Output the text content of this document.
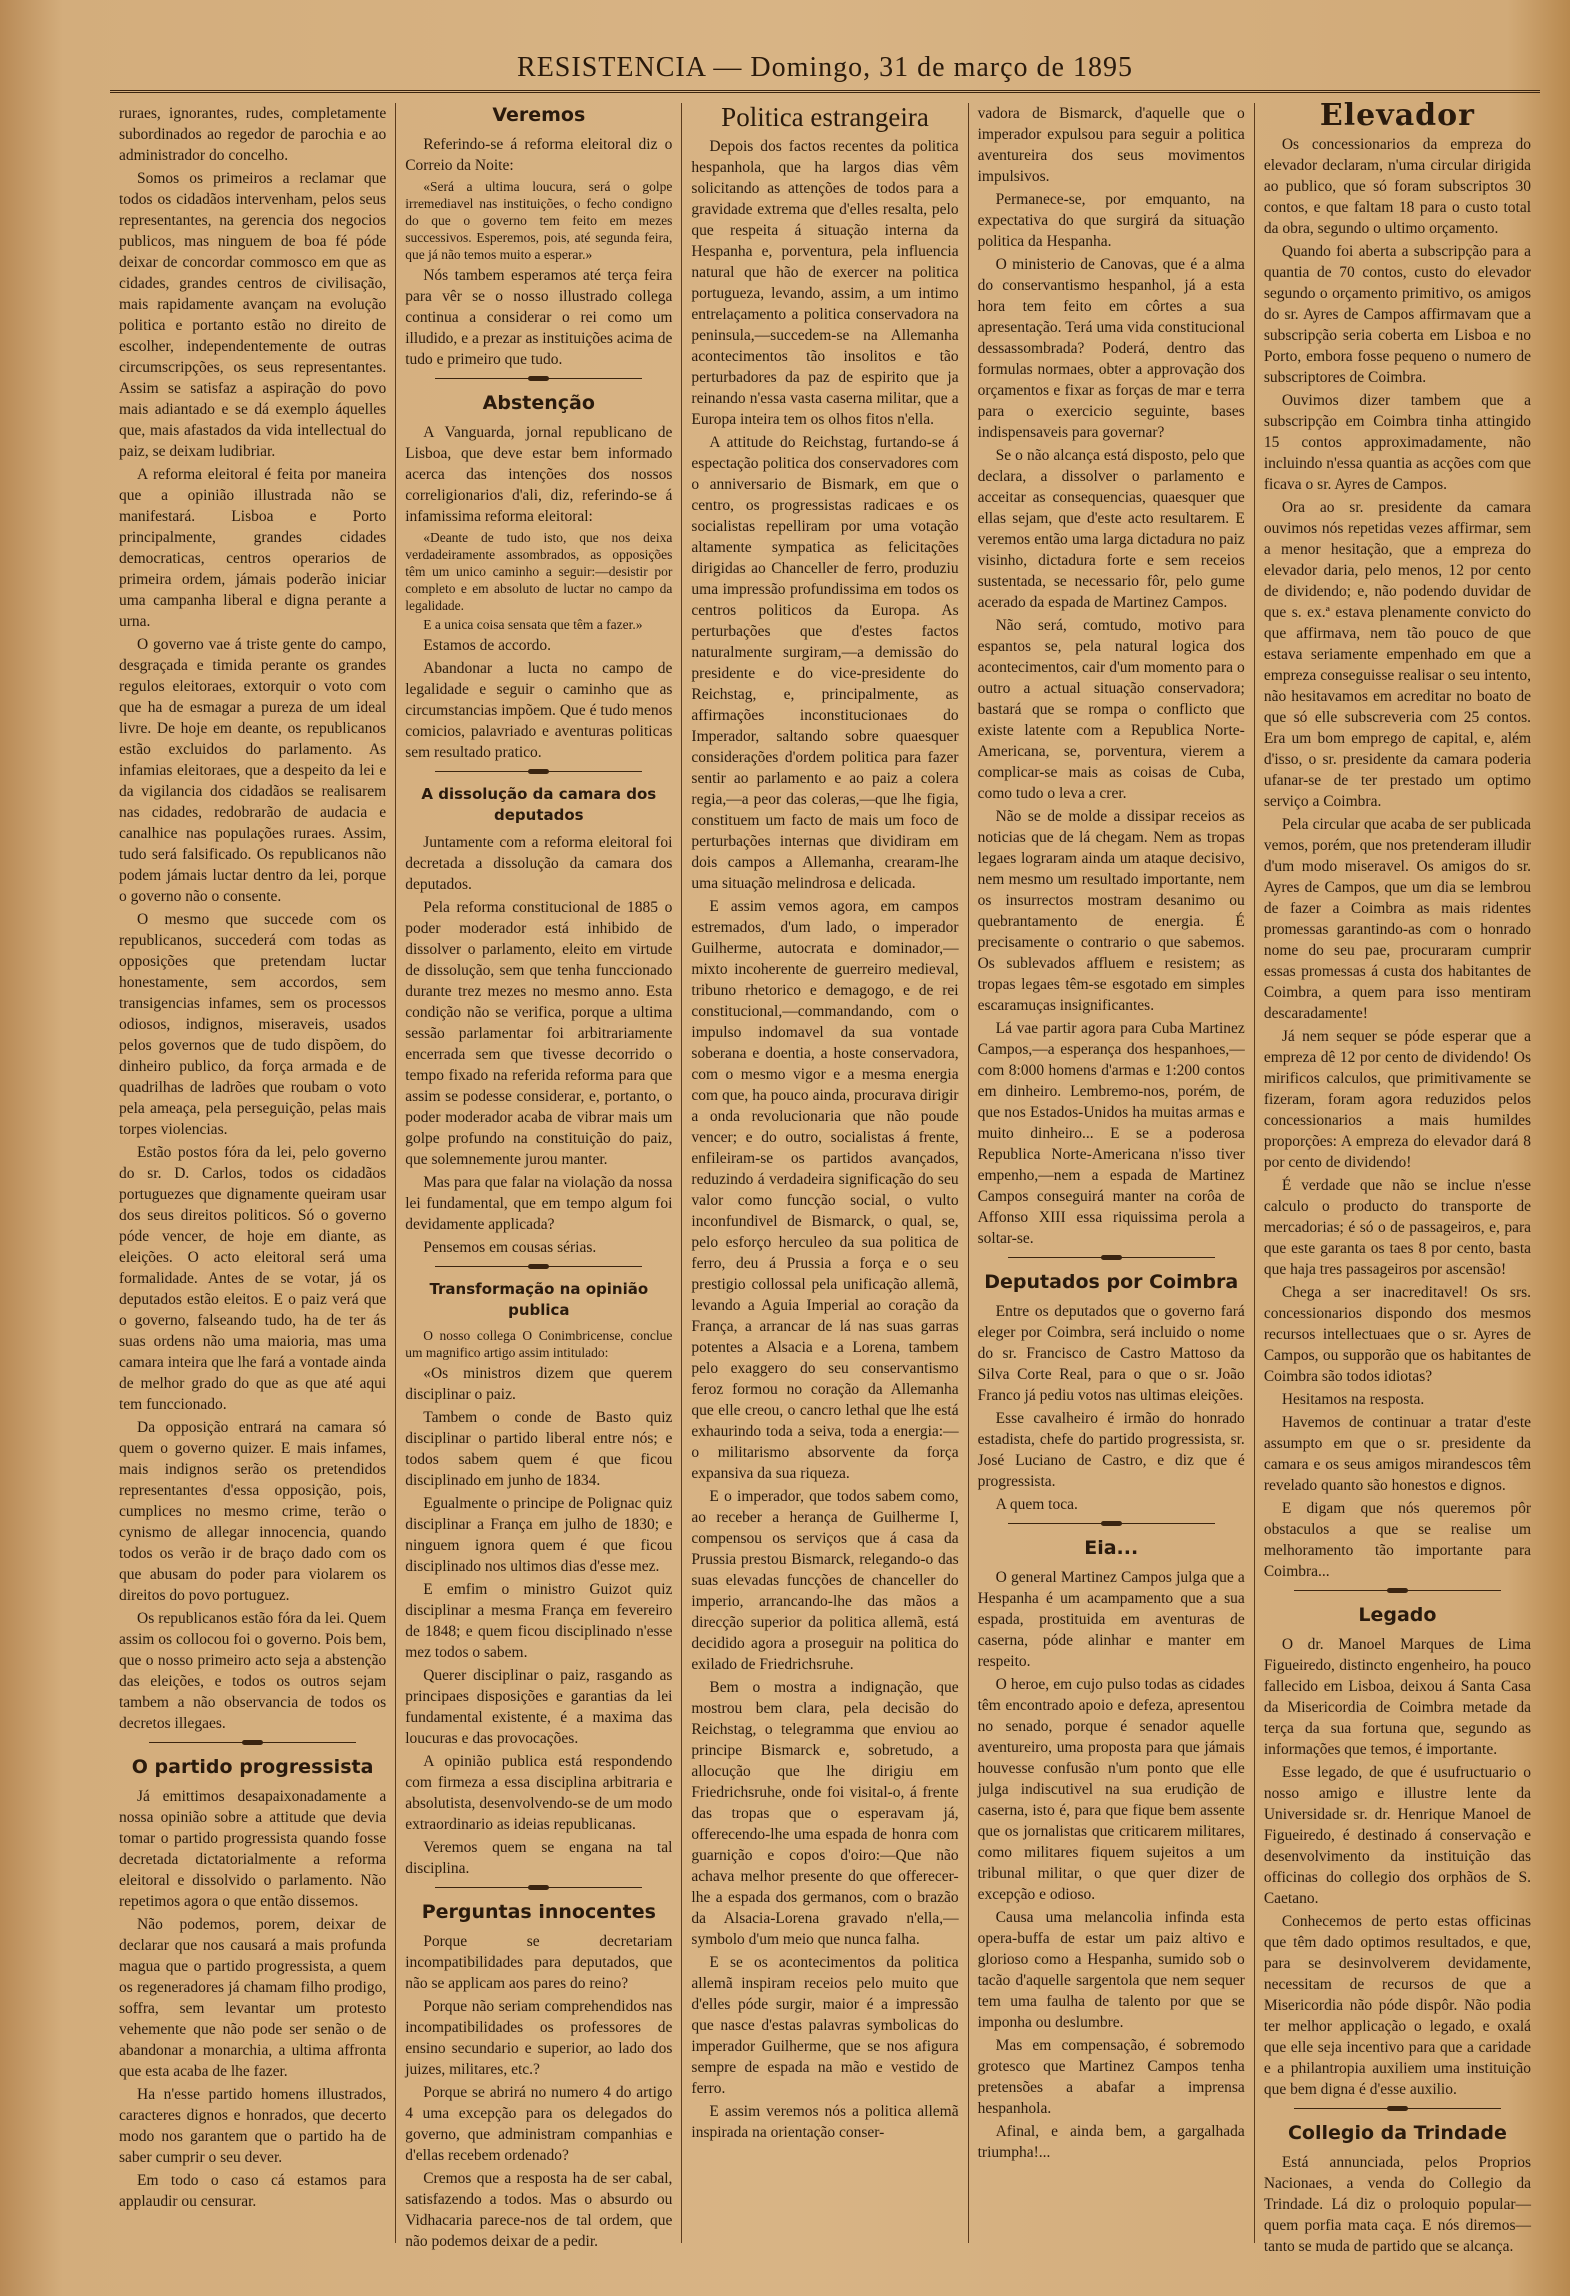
RESISTENCIA — Domingo, 31 de março de 1895

ruraes, ignorantes, rudes, completamente subordinados ao regedor de parochia e ao administrador do concelho.

Somos os primeiros a reclamar que todos os cidadãos intervenham, pelos seus representantes, na gerencia dos negocios publicos, mas ninguem de boa fé póde deixar de concordar commosco em que as cidades, grandes centros de civilisação, mais rapidamente avançam na evolução politica e portanto estão no direito de escolher, independentemente de outras circumscripções, os seus representantes. Assim se satisfaz a aspiração do povo mais adiantado e se dá exemplo áquelles que, mais afastados da vida intellectual do paiz, se deixam ludibriar.

A reforma eleitoral é feita por maneira que a opinião illustrada não se manifestará. Lisboa e Porto principalmente, grandes cidades democraticas, centros operarios de primeira ordem, jámais poderão iniciar uma campanha liberal e digna perante a urna.

O governo vae á triste gente do campo, desgraçada e timida perante os grandes regulos eleitoraes, extorquir o voto com que ha de esmagar a pureza de um ideal livre. De hoje em deante, os republicanos estão excluidos do parlamento. As infamias eleitoraes, que a despeito da lei e da vigilancia dos cidadãos se realisarem nas cidades, redobrarão de audacia e canalhice nas populações ruraes. Assim, tudo será falsificado. Os republicanos não podem jámais luctar dentro da lei, porque o governo não o consente.

O mesmo que succede com os republicanos, succederá com todas as opposições que pretendam luctar honestamente, sem accordos, sem transigencias infames, sem os processos odiosos, indignos, miseraveis, usados pelos governos que de tudo dispõem, do dinheiro publico, da força armada e de quadrilhas de ladrões que roubam o voto pela ameaça, pela perseguição, pelas mais torpes violencias.

Estão postos fóra da lei, pelo governo do sr. D. Carlos, todos os cidadãos portuguezes que dignamente queiram usar dos seus direitos politicos. Só o governo póde vencer, de hoje em diante, as eleições. O acto eleitoral será uma formalidade. Antes de se votar, já os deputados estão eleitos. E o paiz verá que o governo, falseando tudo, ha de ter ás suas ordens não uma maioria, mas uma camara inteira que lhe fará a vontade ainda de melhor grado do que as que até aqui tem funccionado.

Da opposição entrará na camara só quem o governo quizer. E mais infames, mais indignos serão os pretendidos representantes d'essa opposição, pois, cumplices no mesmo crime, terão o cynismo de allegar innocencia, quando todos os verão ir de braço dado com os que abusam do poder para violarem os direitos do povo portuguez.

Os republicanos estão fóra da lei. Quem assim os collocou foi o governo. Pois bem, que o nosso primeiro acto seja a abstenção das eleições, e todos os outros sejam tambem a não observancia de todos os decretos illegaes.

O partido progressista

Já emittimos desapaixonadamente a nossa opinião sobre a attitude que devia tomar o partido progressista quando fosse decretada dictatorialmente a reforma eleitoral e dissolvido o parlamento. Não repetimos agora o que então dissemos.

Não podemos, porem, deixar de declarar que nos causará a mais profunda magua que o partido progressista, a quem os regeneradores já chamam filho prodigo, soffra, sem levantar um protesto vehemente que não pode ser senão o de abandonar a monarchia, a ultima affronta que esta acaba de lhe fazer.

Ha n'esse partido homens illustrados, caracteres dignos e honrados, que decerto modo nos garantem que o partido ha de saber cumprir o seu dever.

Em todo o caso cá estamos para applaudir ou censurar.

Veremos

Referindo-se á reforma eleitoral diz o Correio da Noite:

«Será a ultima loucura, será o golpe irremediavel nas instituições, o fecho condigno do que o governo tem feito em mezes successivos. Esperemos, pois, até segunda feira, que já não temos muito a esperar.»

Nós tambem esperamos até terça feira para vêr se o nosso illustrado collega continua a considerar o rei como um illudido, e a prezar as instituições acima de tudo e primeiro que tudo.

Abstenção

A Vanguarda, jornal republicano de Lisboa, que deve estar bem informado acerca das intenções dos nossos correligionarios d'ali, diz, referindo-se á infamissima reforma eleitoral:

«Deante de tudo isto, que nos deixa verdadeiramente assombrados, as opposições têm um unico caminho a seguir:—desistir por completo e em absoluto de luctar no campo da legalidade.

E a unica coisa sensata que têm a fazer.»

Estamos de accordo.

Abandonar a lucta no campo de legalidade e seguir o caminho que as circumstancias impõem. Que é tudo menos comicios, palavriado e aventuras politicas sem resultado pratico.

A dissolução da camara dos deputados

Juntamente com a reforma eleitoral foi decretada a dissolução da camara dos deputados.

Pela reforma constitucional de 1885 o poder moderador está inhibido de dissolver o parlamento, eleito em virtude de dissolução, sem que tenha funccionado durante trez mezes no mesmo anno. Esta condição não se verifica, porque a ultima sessão parlamentar foi arbitrariamente encerrada sem que tivesse decorrido o tempo fixado na referida reforma para que assim se podesse considerar, e, portanto, o poder moderador acaba de vibrar mais um golpe profundo na constituição do paiz, que solemnemente jurou manter.

Mas para que falar na violação da nossa lei fundamental, que em tempo algum foi devidamente applicada?

Pensemos em cousas sérias.

Transformação na opinião publica

O nosso collega O Conimbricense, conclue um magnifico artigo assim intitulado:

«Os ministros dizem que querem disciplinar o paiz.

Tambem o conde de Basto quiz disciplinar o partido liberal entre nós; e todos sabem quem é que ficou disciplinado em junho de 1834.

Egualmente o principe de Polignac quiz disciplinar a França em julho de 1830; e ninguem ignora quem é que ficou disciplinado nos ultimos dias d'esse mez.

E emfim o ministro Guizot quiz disciplinar a mesma França em fevereiro de 1848; e quem ficou disciplinado n'esse mez todos o sabem.

Querer disciplinar o paiz, rasgando as principaes disposições e garantias da lei fundamental existente, é a maxima das loucuras e das provocações.

A opinião publica está respondendo com firmeza a essa disciplina arbitraria e absolutista, desenvolvendo-se de um modo extraordinario as ideias republicanas.

Veremos quem se engana na tal disciplina.

Perguntas innocentes

Porque se decretariam incompatibilidades para deputados, que não se applicam aos pares do reino?

Porque não seriam comprehendidos nas incompatibilidades os professores de ensino secundario e superior, ao lado dos juizes, militares, etc.?

Porque se abrirá no numero 4 do artigo 4 uma excepção para os delegados do governo, que administram companhias e d'ellas recebem ordenado?

Cremos que a resposta ha de ser cabal, satisfazendo a todos. Mas o absurdo ou Vidhacaria parece-nos de tal ordem, que não podemos deixar de a pedir.

Politica estrangeira

Depois dos factos recentes da politica hespanhola, que ha largos dias vêm solicitando as attenções de todos para a gravidade extrema que d'elles resalta, pelo que respeita á situação interna da Hespanha e, porventura, pela influencia natural que hão de exercer na politica portugueza, levando, assim, a um intimo entrelaçamento a politica conservadora na peninsula,—succedem-se na Allemanha acontecimentos tão insolitos e tão perturbadores da paz de espirito que ja reinando n'essa vasta caserna militar, que a Europa inteira tem os olhos fitos n'ella.

A attitude do Reichstag, furtando-se á espectação politica dos conservadores com o anniversario de Bismark, em que o centro, os progressistas radicaes e os socialistas repelliram por uma votação altamente sympatica as felicitações dirigidas ao Chanceller de ferro, produziu uma impressão profundissima em todos os centros politicos da Europa. As perturbações que d'estes factos naturalmente surgiram,—a demissão do presidente e do vice-presidente do Reichstag, e, principalmente, as affirmações inconstitucionaes do Imperador, saltando sobre quaesquer considerações d'ordem politica para fazer sentir ao parlamento e ao paiz a colera regia,—a peor das coleras,—que lhe figia, constituem um facto de mais um foco de perturbações internas que dividiram em dois campos a Allemanha, crearam-lhe uma situação melindrosa e delicada.

E assim vemos agora, em campos estremados, d'um lado, o imperador Guilherme, autocrata e dominador,—mixto incoherente de guerreiro medieval, tribuno rhetorico e demagogo, e de rei constitucional,—commandando, com o impulso indomavel da sua vontade soberana e doentia, a hoste conservadora, com o mesmo vigor e a mesma energia com que, ha pouco ainda, procurava dirigir a onda revolucionaria que não poude vencer; e do outro, socialistas á frente, enfileiram-se os partidos avançados, reduzindo á verdadeira significação do seu valor como funcção social, o vulto inconfundivel de Bismarck, o qual, se, pelo esforço herculeo da sua politica de ferro, deu á Prussia a força e o seu prestigio collossal pela unificação allemã, levando a Aguia Imperial ao coração da França, a arrancar de lá nas suas garras potentes a Alsacia e a Lorena, tambem pelo exaggero do seu conservantismo feroz formou no coração da Allemanha que elle creou, o cancro lethal que lhe está exhaurindo toda a seiva, toda a energia:—o militarismo absorvente da força expansiva da sua riqueza.

E o imperador, que todos sabem como, ao receber a herança de Guilherme I, compensou os serviços que á casa da Prussia prestou Bismarck, relegando-o das suas elevadas funcções de chanceller do imperio, arrancando-lhe das mãos a direcção superior da politica allemã, está decidido agora a proseguir na politica do exilado de Friedrichsruhe.

Bem o mostra a indignação, que mostrou bem clara, pela decisão do Reichstag, o telegramma que enviou ao principe Bismarck e, sobretudo, a allocução que lhe dirigiu em Friedrichsruhe, onde foi visital-o, á frente das tropas que o esperavam já, offerecendo-lhe uma espada de honra com guarnição e copos d'oiro:—Que não achava melhor presente do que offerecer-lhe a espada dos germanos, com o brazão da Alsacia-Lorena gravado n'ella,—symbolo d'um meio que nunca falha.

E se os acontecimentos da politica allemã inspiram receios pelo muito que d'elles póde surgir, maior é a impressão que nasce d'estas palavras symbolicas do imperador Guilherme, que se nos afigura sempre de espada na mão e vestido de ferro.

E assim veremos nós a politica allemã inspirada na orientação conser-

vadora de Bismarck, d'aquelle que o imperador expulsou para seguir a politica aventureira dos seus movimentos impulsivos.

Permanece-se, por emquanto, na expectativa do que surgirá da situação politica da Hespanha.

O ministerio de Canovas, que é a alma do conservantismo hespanhol, já a esta hora tem feito em côrtes a sua apresentação. Terá uma vida constitucional dessassombrada? Poderá, dentro das formulas normaes, obter a approvação dos orçamentos e fixar as forças de mar e terra para o exercicio seguinte, bases indispensaveis para governar?

Se o não alcança está disposto, pelo que declara, a dissolver o parlamento e acceitar as consequencias, quaesquer que ellas sejam, que d'este acto resultarem. E veremos então uma larga dictadura no paiz visinho, dictadura forte e sem receios sustentada, se necessario fôr, pelo gume acerado da espada de Martinez Campos.

Não será, comtudo, motivo para espantos se, pela natural logica dos acontecimentos, cair d'um momento para o outro a actual situação conservadora; bastará que se rompa o conflicto que existe latente com a Republica Norte-Americana, se, porventura, vierem a complicar-se mais as coisas de Cuba, como tudo o leva a crer.

Não se de molde a dissipar receios as noticias que de lá chegam. Nem as tropas legaes lograram ainda um ataque decisivo, nem mesmo um resultado importante, nem os insurrectos mostram desanimo ou quebrantamento de energia. É precisamente o contrario o que sabemos. Os sublevados affluem e resistem; as tropas legaes têm-se esgotado em simples escaramuças insignificantes.

Lá vae partir agora para Cuba Martinez Campos,—a esperança dos hespanhoes,—com 8:000 homens d'armas e 1:200 contos em dinheiro. Lembremo-nos, porém, de que nos Estados-Unidos ha muitas armas e muito dinheiro... E se a poderosa Republica Norte-Americana n'isso tiver empenho,—nem a espada de Martinez Campos conseguirá manter na corôa de Affonso XIII essa riquissima perola a soltar-se.

Deputados por Coimbra

Entre os deputados que o governo fará eleger por Coimbra, será incluido o nome do sr. Francisco de Castro Mattoso da Silva Corte Real, para o que o sr. João Franco já pediu votos nas ultimas eleições.

Esse cavalheiro é irmão do honrado estadista, chefe do partido progressista, sr. José Luciano de Castro, e diz que é progressista.

A quem toca.

Eia...

O general Martinez Campos julga que a Hespanha é um acampamento que a sua espada, prostituida em aventuras de caserna, póde alinhar e manter em respeito.

O heroe, em cujo pulso todas as cidades têm encontrado apoio e defeza, apresentou no senado, porque é senador aquelle aventureiro, uma proposta para que jámais houvesse confusão n'um ponto que elle julga indiscutivel na sua erudição de caserna, isto é, para que fique bem assente que os jornalistas que criticarem militares, como militares fiquem sujeitos a um tribunal militar, o que quer dizer de excepção e odioso.

Causa uma melancolia infinda esta opera-buffa de estar um paiz altivo e glorioso como a Hespanha, sumido sob o tacão d'aquelle sargentola que nem sequer tem uma faulha de talento por que se imponha ou deslumbre.

Mas em compensação, é sobremodo grotesco que Martinez Campos tenha pretensões a abafar a imprensa hespanhola.

Afinal, e ainda bem, a gargalhada triumpha!...

Elevador

Os concessionarios da empreza do elevador declaram, n'uma circular dirigida ao publico, que só foram subscriptos 30 contos, e que faltam 18 para o custo total da obra, segundo o ultimo orçamento.

Quando foi aberta a subscripção para a quantia de 70 contos, custo do elevador segundo o orçamento primitivo, os amigos do sr. Ayres de Campos affirmavam que a subscripção seria coberta em Lisboa e no Porto, embora fosse pequeno o numero de subscriptores de Coimbra.

Ouvimos dizer tambem que a subscripção em Coimbra tinha attingido 15 contos approximadamente, não incluindo n'essa quantia as acções com que ficava o sr. Ayres de Campos.

Ora ao sr. presidente da camara ouvimos nós repetidas vezes affirmar, sem a menor hesitação, que a empreza do elevador daria, pelo menos, 12 por cento de dividendo; e, não podendo duvidar de que s. ex.ª estava plenamente convicto do que affirmava, nem tão pouco de que estava seriamente empenhado em que a empreza conseguisse realisar o seu intento, não hesitavamos em acreditar no boato de que só elle subscreveria com 25 contos. Era um bom emprego de capital, e, além d'isso, o sr. presidente da camara poderia ufanar-se de ter prestado um optimo serviço a Coimbra.

Pela circular que acaba de ser publicada vemos, porém, que nos pretenderam illudir d'um modo miseravel. Os amigos do sr. Ayres de Campos, que um dia se lembrou de fazer a Coimbra as mais ridentes promessas garantindo-as com o honrado nome do seu pae, procuraram cumprir essas promessas á custa dos habitantes de Coimbra, a quem para isso mentiram descaradamente!

Já nem sequer se póde esperar que a empreza dê 12 por cento de dividendo! Os mirificos calculos, que primitivamente se fizeram, foram agora reduzidos pelos concessionarios a mais humildes proporções: A empreza do elevador dará 8 por cento de dividendo!

É verdade que não se inclue n'esse calculo o producto do transporte de mercadorias; é só o de passageiros, e, para que este garanta os taes 8 por cento, basta que haja tres passageiros por ascensão!

Chega a ser inacreditavel! Os srs. concessionarios dispondo dos mesmos recursos intellectuaes que o sr. Ayres de Campos, ou supporão que os habitantes de Coimbra são todos idiotas?

Hesitamos na resposta.

Havemos de continuar a tratar d'este assumpto em que o sr. presidente da camara e os seus amigos mirandescos têm revelado quanto são honestos e dignos.

E digam que nós queremos pôr obstaculos a que se realise um melhoramento tão importante para Coimbra...

Legado

O dr. Manoel Marques de Lima Figueiredo, distincto engenheiro, ha pouco fallecido em Lisboa, deixou á Santa Casa da Misericordia de Coimbra metade da terça da sua fortuna que, segundo as informações que temos, é importante.

Esse legado, de que é usufructuario o nosso amigo e illustre lente da Universidade sr. dr. Henrique Manoel de Figueiredo, é destinado á conservação e desenvolvimento da instituição das officinas do collegio dos orphãos de S. Caetano.

Conhecemos de perto estas officinas que têm dado optimos resultados, e que, para se desinvolverem devidamente, necessitam de recursos de que a Misericordia não póde dispôr. Não podia ter melhor applicação o legado, e oxalá que elle seja incentivo para que a caridade e a philantropia auxiliem uma instituição que bem digna é d'esse auxilio.

Collegio da Trindade

Está annunciada, pelos Proprios Nacionaes, a venda do Collegio da Trindade. Lá diz o proloquio popular—quem porfia mata caça. E nós diremos—tanto se muda de partido que se alcança.
